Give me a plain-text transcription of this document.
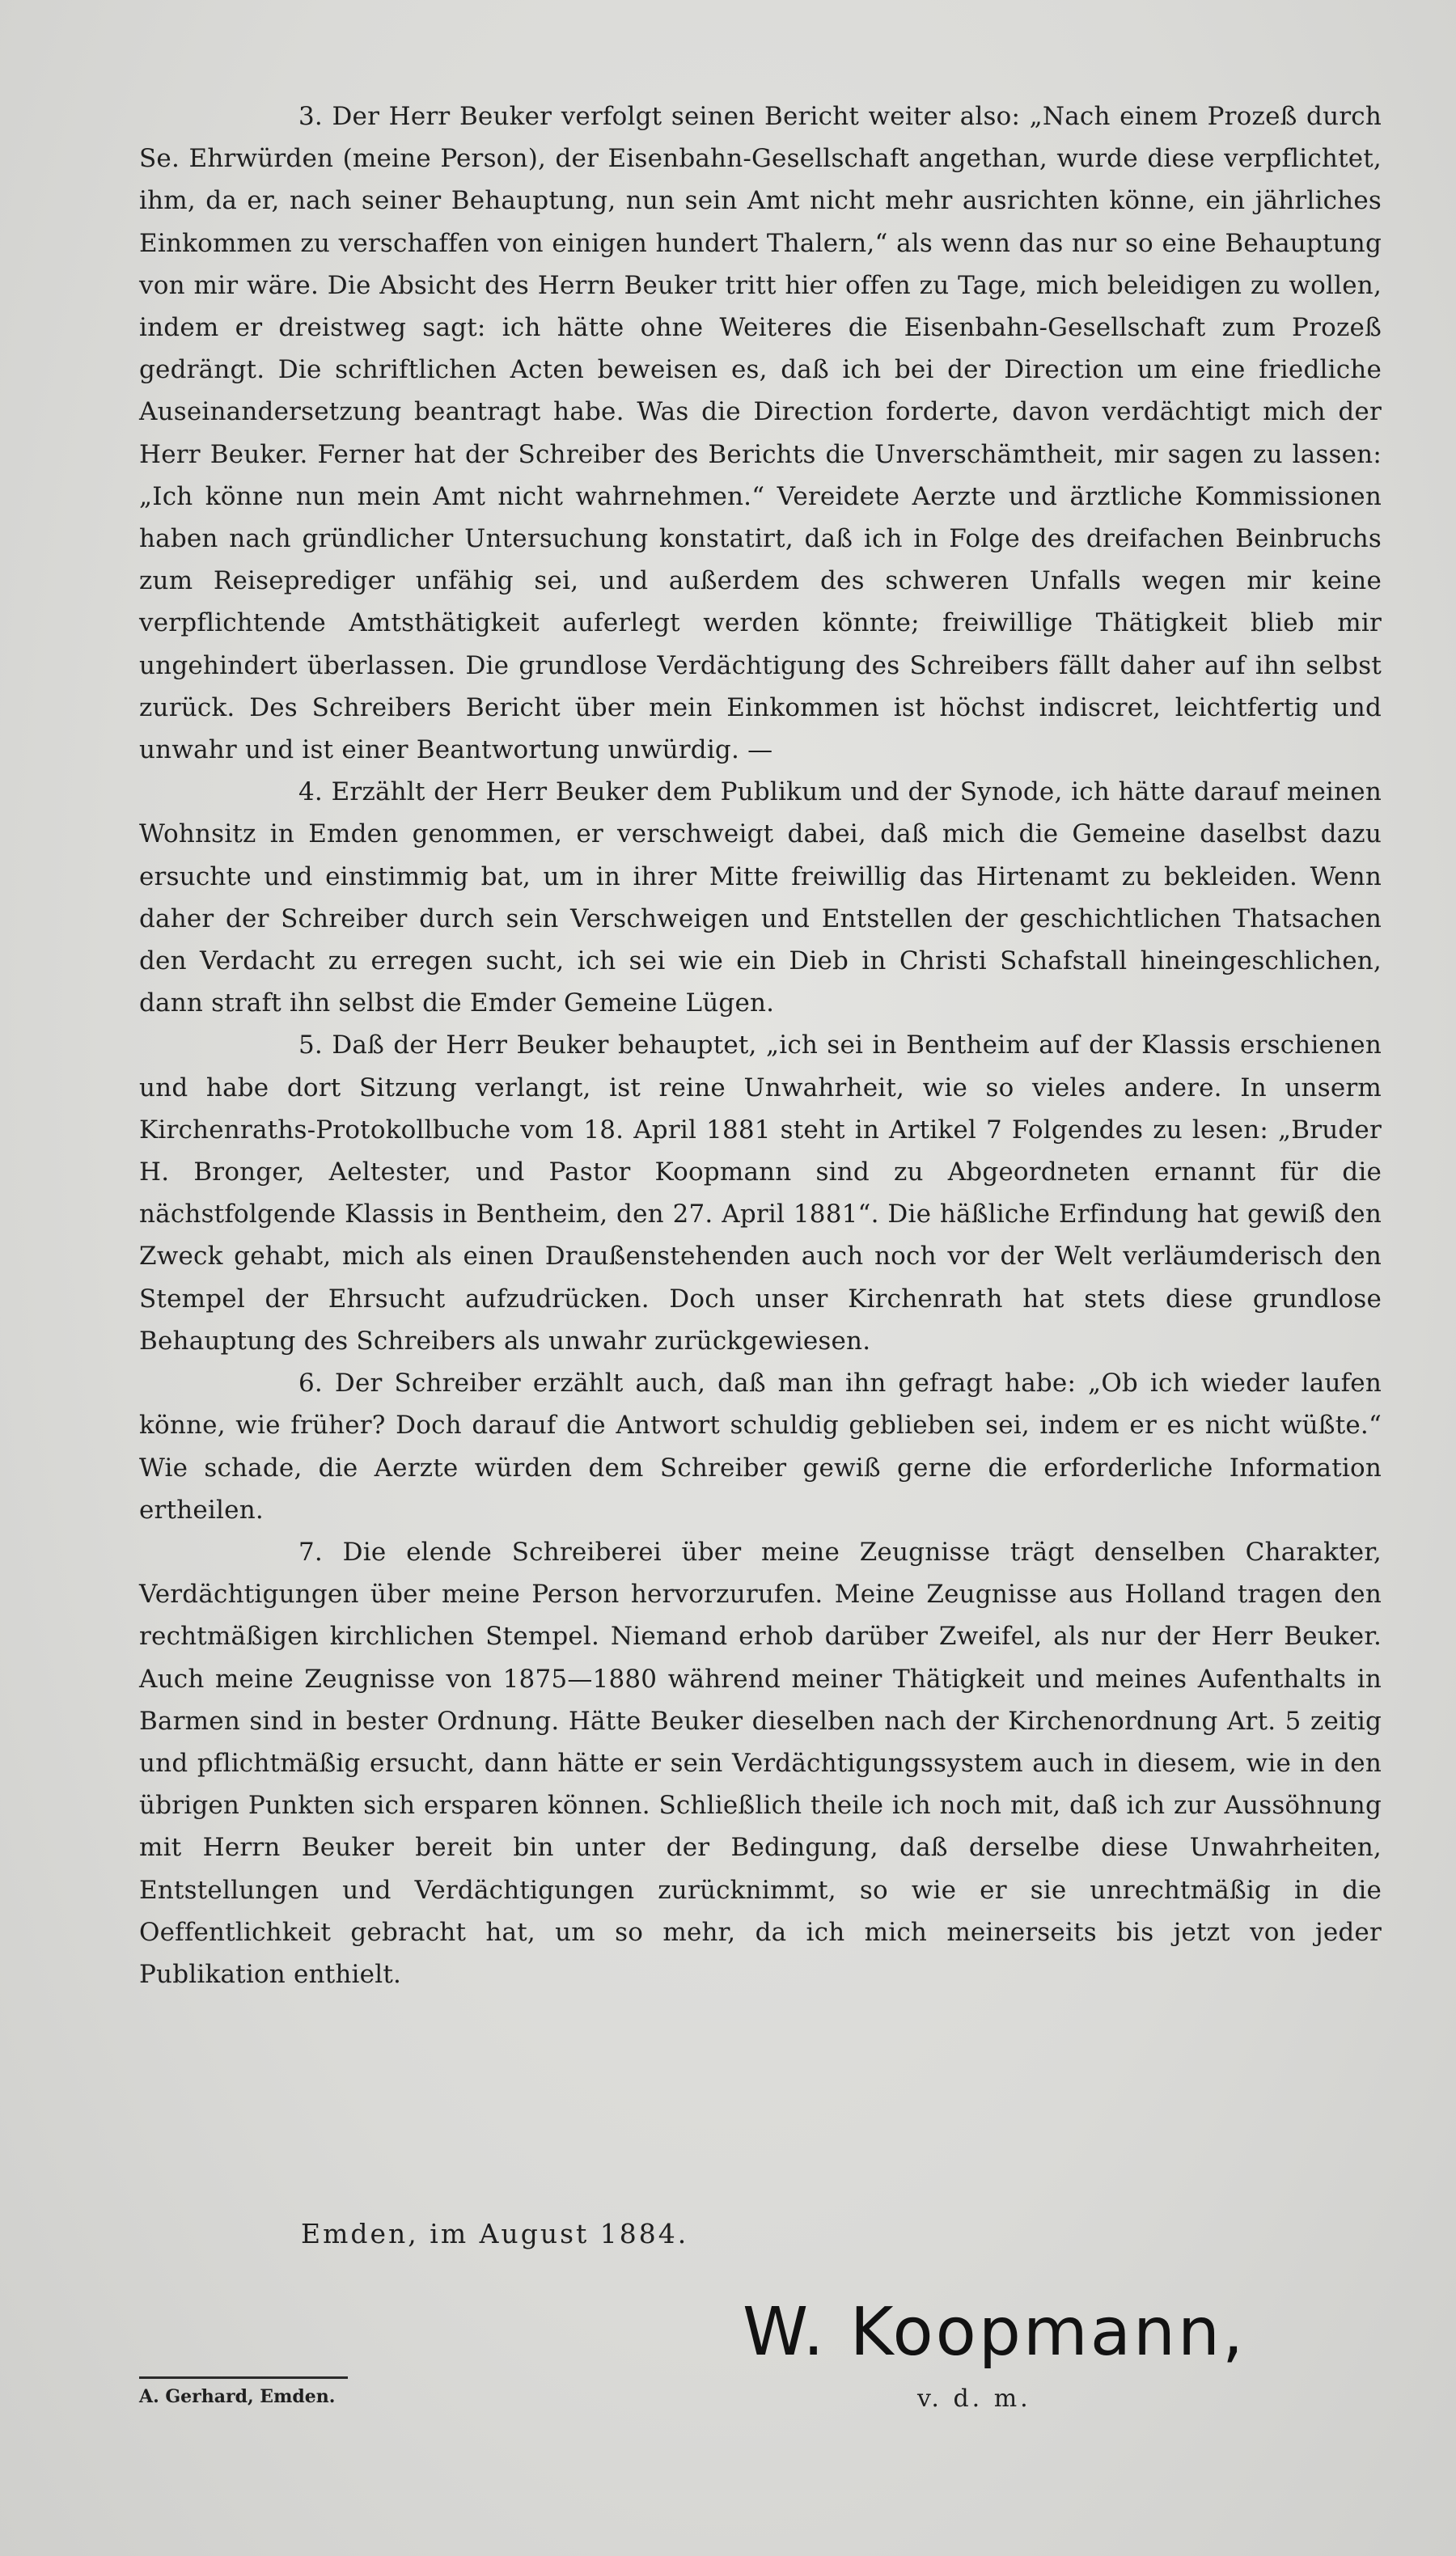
3. Der Herr Beuker verfolgt seinen Bericht weiter also: „Nach einem Prozeß durch Se. Ehrwürden (meine Person), der Eisenbahn-Gesellschaft angethan, wurde diese verpflichtet, ihm, da er, nach seiner Behauptung, nun sein Amt nicht mehr ausrichten könne, ein jährliches Einkommen zu verschaffen von einigen hundert Thalern,“ als wenn das nur so eine Behauptung von mir wäre. Die Absicht des Herrn Beuker tritt hier offen zu Tage, mich beleidigen zu wollen, indem er dreistweg sagt: ich hätte ohne Weiteres die Eisenbahn-Gesellschaft zum Prozeß gedrängt. Die schriftlichen Acten beweisen es, daß ich bei der Direction um eine friedliche Auseinandersetzung beantragt habe. Was die Direction forderte, davon verdächtigt mich der Herr Beuker. Ferner hat der Schreiber des Berichts die Unverschämtheit, mir sagen zu lassen: „Ich könne nun mein Amt nicht wahrnehmen.“ Vereidete Aerzte und ärztliche Kommissionen haben nach gründlicher Untersuchung konstatirt, daß ich in Folge des dreifachen Beinbruchs zum Reiseprediger unfähig sei, und außerdem des schweren Unfalls wegen mir keine verpflichtende Amtsthätigkeit auferlegt werden könnte; freiwillige Thätigkeit blieb mir ungehindert überlassen. Die grundlose Verdächtigung des Schreibers fällt daher auf ihn selbst zurück. Des Schreibers Bericht über mein Einkommen ist höchst indiscret, leichtfertig und unwahr und ist einer Beantwortung unwürdig. —

4. Erzählt der Herr Beuker dem Publikum und der Synode, ich hätte darauf meinen Wohnsitz in Emden genommen, er verschweigt dabei, daß mich die Gemeine daselbst dazu ersuchte und einstimmig bat, um in ihrer Mitte freiwillig das Hirtenamt zu bekleiden. Wenn daher der Schreiber durch sein Verschweigen und Entstellen der geschichtlichen Thatsachen den Verdacht zu erregen sucht, ich sei wie ein Dieb in Christi Schafstall hineingeschlichen, dann straft ihn selbst die Emder Gemeine Lügen.

5. Daß der Herr Beuker behauptet, „ich sei in Bentheim auf der Klassis erschienen und habe dort Sitzung verlangt, ist reine Unwahrheit, wie so vieles andere. In unserm Kirchenraths-Protokollbuche vom 18. April 1881 steht in Artikel 7 Folgendes zu lesen: „Bruder H. Bronger, Aeltester, und Pastor Koopmann sind zu Abgeordneten ernannt für die nächstfolgende Klassis in Bentheim, den 27. April 1881“. Die häßliche Erfindung hat gewiß den Zweck gehabt, mich als einen Draußenstehenden auch noch vor der Welt verläumderisch den Stempel der Ehrsucht aufzudrücken. Doch unser Kirchenrath hat stets diese grundlose Behauptung des Schreibers als unwahr zurückgewiesen.

6. Der Schreiber erzählt auch, daß man ihn gefragt habe: „Ob ich wieder laufen könne, wie früher? Doch darauf die Antwort schuldig geblieben sei, indem er es nicht wüßte.“ Wie schade, die Aerzte würden dem Schreiber gewiß gerne die erforderliche Information ertheilen.

7. Die elende Schreiberei über meine Zeugnisse trägt denselben Charakter, Verdächtigungen über meine Person hervorzurufen. Meine Zeugnisse aus Holland tragen den rechtmäßigen kirchlichen Stempel. Niemand erhob darüber Zweifel, als nur der Herr Beuker. Auch meine Zeugnisse von 1875—1880 während meiner Thätigkeit und meines Aufenthalts in Barmen sind in bester Ordnung. Hätte Beuker dieselben nach der Kirchenordnung Art. 5 zeitig und pflichtmäßig ersucht, dann hätte er sein Verdächtigungssystem auch in diesem, wie in den übrigen Punkten sich ersparen können. Schließlich theile ich noch mit, daß ich zur Aussöhnung mit Herrn Beuker bereit bin unter der Bedingung, daß derselbe diese Unwahrheiten, Entstellungen und Verdächtigungen zurücknimmt, so wie er sie unrechtmäßig in die Oeffentlichkeit gebracht hat, um so mehr, da ich mich meinerseits bis jetzt von jeder Publikation enthielt.

Emden, im August 1884.

W. Koopmann,

v. d. m.

A. Gerhard, Emden.
